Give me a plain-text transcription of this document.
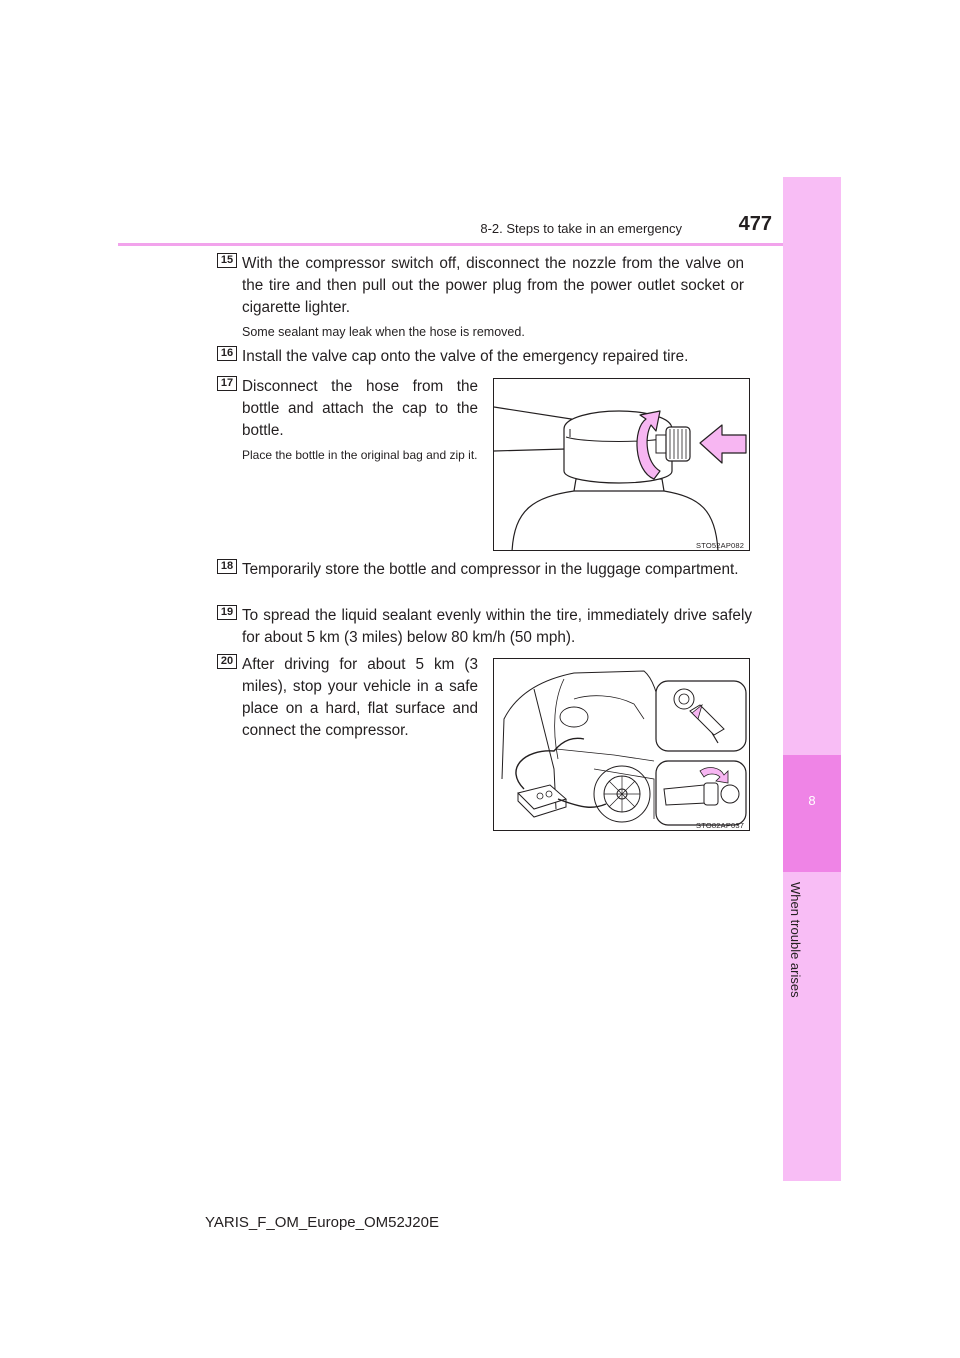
8
When trouble arises
8-2. Steps to take in an emergency	477
15 With the compressor switch off, disconnect the nozzle from the valve on the tire and then pull out the power plug from the power outlet socket or cigarette lighter.
Some sealant may leak when the hose is removed.
16 Install the valve cap onto the valve of the emergency repaired tire.
17 Disconnect the hose from the bottle and attach the cap to the bottle.
Place the bottle in the original bag and zip it.
STO52AP082
18 Temporarily store the bottle and compressor in the luggage compartment.
19 To spread the liquid sealant evenly within the tire, immediately drive safely for about 5 km (3 miles) below 80 km/h (50 mph).
20 After driving for about 5 km (3 miles), stop your vehicle in a safe place on a hard, flat surface and connect the compressor.
STO82AP037
YARIS_F_OM_Europe_OM52J20E
